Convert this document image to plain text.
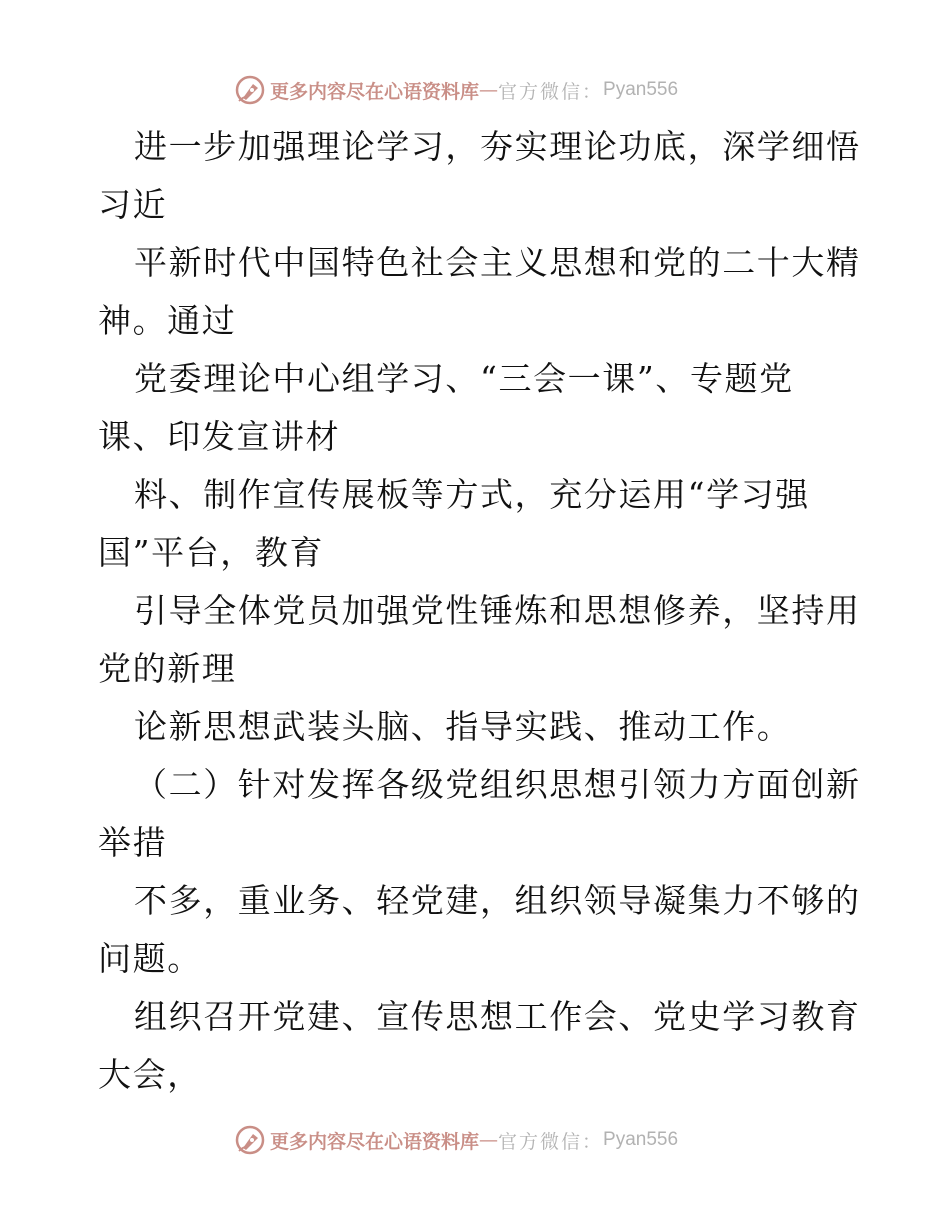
更多内容尽在心语资料库 — 官方微信： Pyan556
进一步加强理论学习，夯实理论功底，深学细悟
习近
平新时代中国特色社会主义思想和党的二十大精
神。通过
党委理论中心组学习、“三会一课”、专题党
课、印发宣讲材
料、制作宣传展板等方式，充分运用“学习强
国”平台，教育
引导全体党员加强党性锤炼和思想修养，坚持用
党的新理
论新思想武装头脑、指导实践、推动工作。
（二）针对发挥各级党组织思想引领力方面创新
举措
不多，重业务、轻党建，组织领导凝集力不够的
问题。
组织召开党建、宣传思想工作会、党史学习教育
大会，
更多内容尽在心语资料库 — 官方微信： Pyan556
